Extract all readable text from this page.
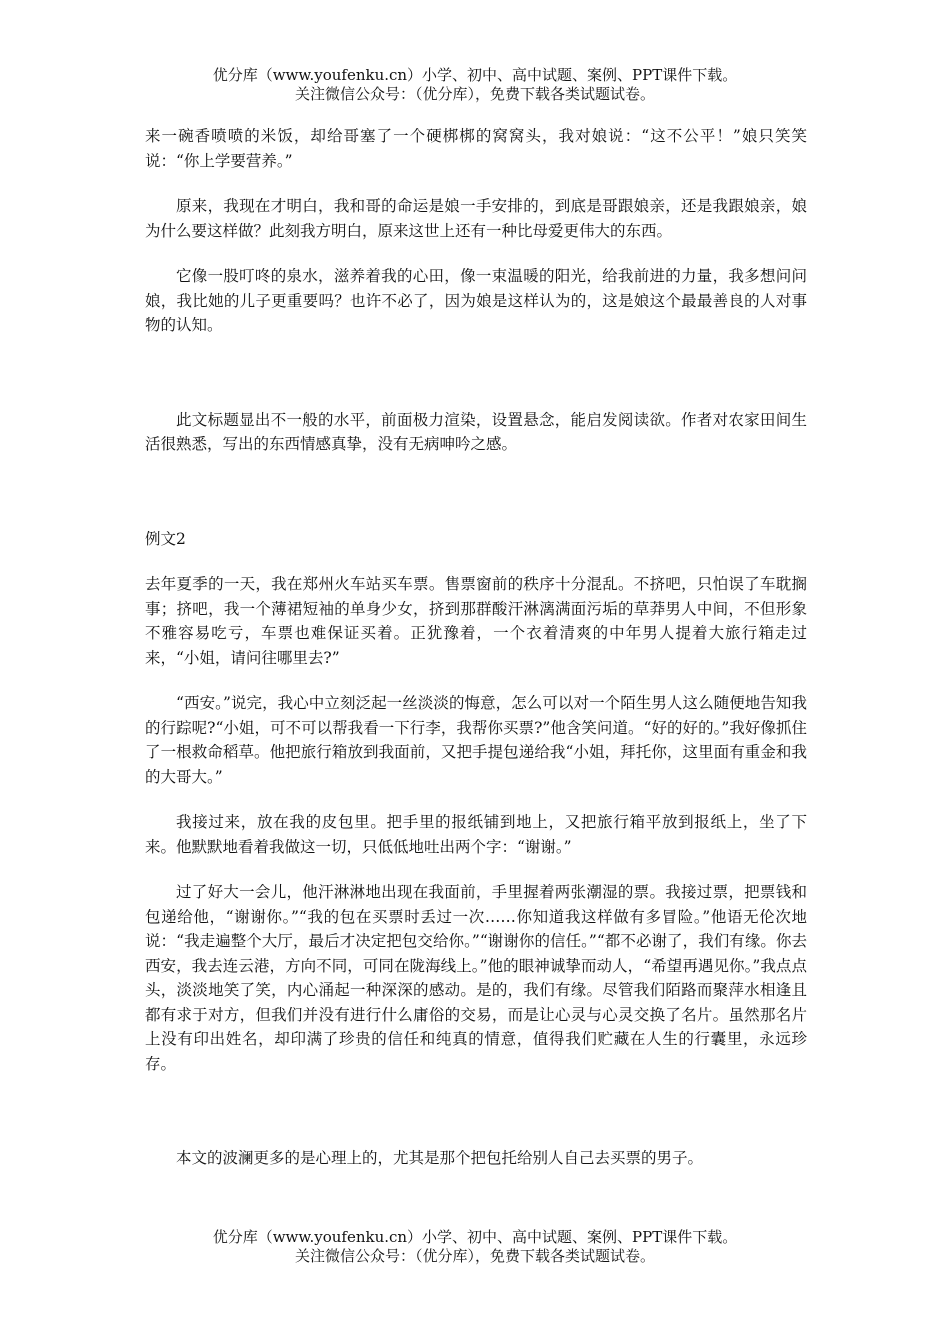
优分库（www.youfenku.cn）小学、初中、高中试题、案例、PPT课件下载。
关注微信公众号：（优分库），免费下载各类试题试卷。

来一碗香喷喷的米饭，却给哥塞了一个硬梆梆的窝窝头，我对娘说：“这不公平！”娘只笑笑说：“你上学要营养。”

原来，我现在才明白，我和哥的命运是娘一手安排的，到底是哥跟娘亲，还是我跟娘亲，娘为什么要这样做？此刻我方明白，原来这世上还有一种比母爱更伟大的东西。

它像一股叮咚的泉水，滋养着我的心田，像一束温暖的阳光，给我前进的力量，我多想问问娘，我比她的儿子更重要吗？也许不必了，因为娘是这样认为的，这是娘这个最最善良的人对事物的认知。

此文标题显出不一般的水平，前面极力渲染，设置悬念，能启发阅读欲。作者对农家田间生活很熟悉，写出的东西情感真挚，没有无病呻吟之感。

例文2

去年夏季的一天，我在郑州火车站买车票。售票窗前的秩序十分混乱。不挤吧，只怕误了车耽搁事；挤吧，我一个薄裙短袖的单身少女，挤到那群酸汗淋漓满面污垢的草莽男人中间，不但形象不雅容易吃亏，车票也难保证买着。正犹豫着，一个衣着清爽的中年男人提着大旅行箱走过来，“小姐，请问往哪里去?”

“西安。”说完，我心中立刻泛起一丝淡淡的悔意，怎么可以对一个陌生男人这么随便地告知我的行踪呢?“小姐，可不可以帮我看一下行李，我帮你买票?”他含笑问道。“好的好的。”我好像抓住了一根救命稻草。他把旅行箱放到我面前，又把手提包递给我“小姐，拜托你，这里面有重金和我的大哥大。”

我接过来，放在我的皮包里。把手里的报纸铺到地上，又把旅行箱平放到报纸上，坐了下来。他默默地看着我做这一切，只低低地吐出两个字：“谢谢。”

过了好大一会儿，他汗淋淋地出现在我面前，手里握着两张潮湿的票。我接过票，把票钱和包递给他，“谢谢你。”“我的包在买票时丢过一次……你知道我这样做有多冒险。”他语无伦次地说：“我走遍整个大厅，最后才决定把包交给你。”“谢谢你的信任。”“都不必谢了，我们有缘。你去西安，我去连云港，方向不同，可同在陇海线上。”他的眼神诚挚而动人，“希望再遇见你。”我点点头，淡淡地笑了笑，内心涌起一种深深的感动。是的，我们有缘。尽管我们陌路而聚萍水相逢且都有求于对方，但我们并没有进行什么庸俗的交易，而是让心灵与心灵交换了名片。虽然那名片上没有印出姓名，却印满了珍贵的信任和纯真的情意，值得我们贮藏在人生的行囊里，永远珍存。

本文的波澜更多的是心理上的，尤其是那个把包托给别人自己去买票的男子。

优分库（www.youfenku.cn）小学、初中、高中试题、案例、PPT课件下载。
关注微信公众号：（优分库），免费下载各类试题试卷。
